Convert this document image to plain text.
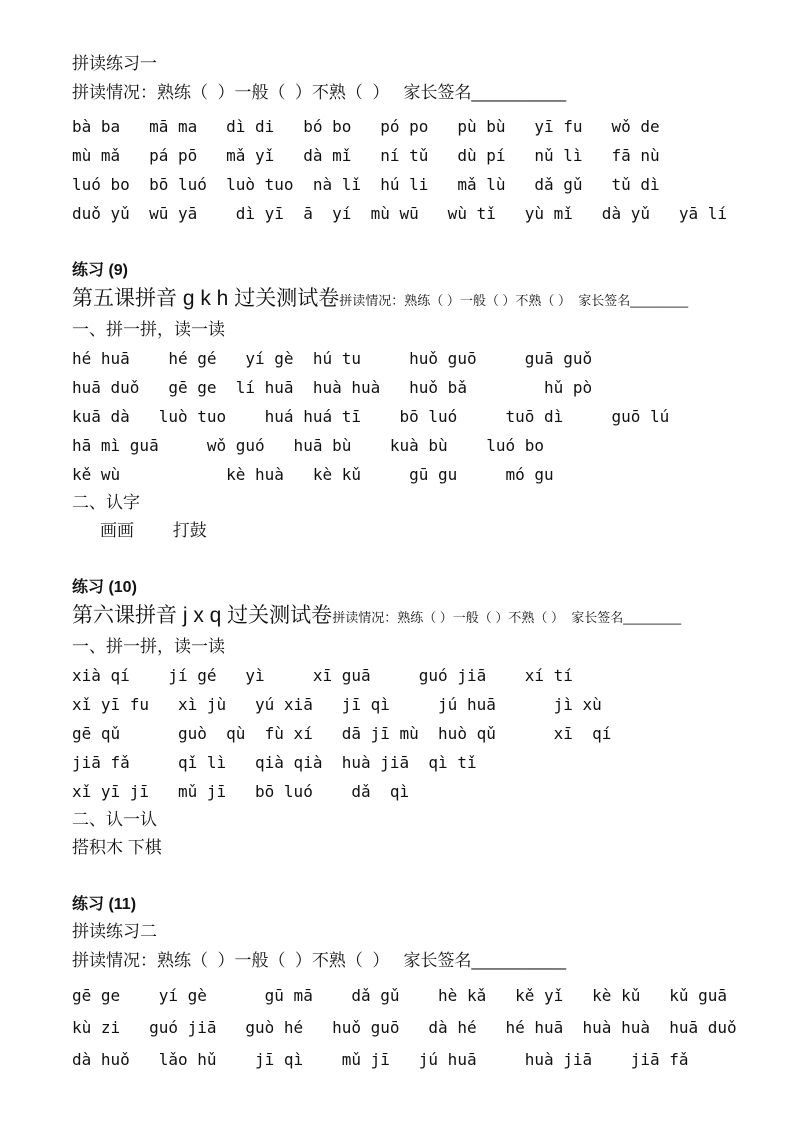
拼读练习一
拼读情况：熟练（  ）一般（  ）不熟（  ）   家长签名__________
bà ba   mā ma   dì di   bó bo   pó po   pù bù   yī fu   wǒ de
mù mǎ   pá pō   mǎ yǐ   dà mǐ   ní tǔ   dù pí   nǔ lì   fā nù
luó bo  bō luó  luò tuo  nà lǐ  hú li   mǎ lù   dǎ gǔ   tǔ dì
duǒ yǔ  wū yā    dì yī  ā  yí  mù wū   wù tǐ   yù mǐ   dà yǔ   yā lí
练习 (9)
第五课拼音 g k h 过关测试卷拼读情况：熟练（ ）一般（ ）不熟（ ）  家长签名________
一、拼一拼，读一读
hé huā    hé gé   yí gè  hú tu     huǒ guō     guā guǒ
huā duǒ   gē ge  lí huā  huà huà   huǒ bǎ        hǔ pò
kuā dà   luò tuo    huá huá tī    bō luó     tuō dì     guō lú
hā mì guā     wǒ guó   huā bù    kuà bù    luó bo
kě wù           kè huà   kè kǔ     gū gu     mó gu
二、认字
画画　　 打鼓
练习 (10)
第六课拼音 j x q 过关测试卷拼读情况：熟练（ ）一般（ ）不熟（ ）  家长签名________
一、拼一拼，读一读
xià qí    jí gé   yì     xī guā     guó jiā    xí tí
xǐ yī fu   xì jù   yú xiā   jī qì     jú huā      jì xù
gē qǔ      guò  qù  fù xí   dā jī mù  huò qǔ      xī  qí
jiā fǎ     qǐ lì   qià qià  huà jiā  qì tǐ
xǐ yī jī   mǔ jī   bō luó    dǎ  qì
二、认一认
搭积木 下棋
练习 (11)
拼读练习二
拼读情况：熟练（  ）一般（  ）不熟（  ）   家长签名__________
gē ge    yí gè      gū mā    dǎ gǔ    hè kǎ   kě yǐ   kè kǔ   kǔ guā
kù zi   guó jiā   guò hé   huǒ guō   dà hé   hé huā  huà huà  huā duǒ
dà huǒ   lǎo hǔ    jī qì    mǔ jī   jú huā     huà jiā    jiā fǎ
